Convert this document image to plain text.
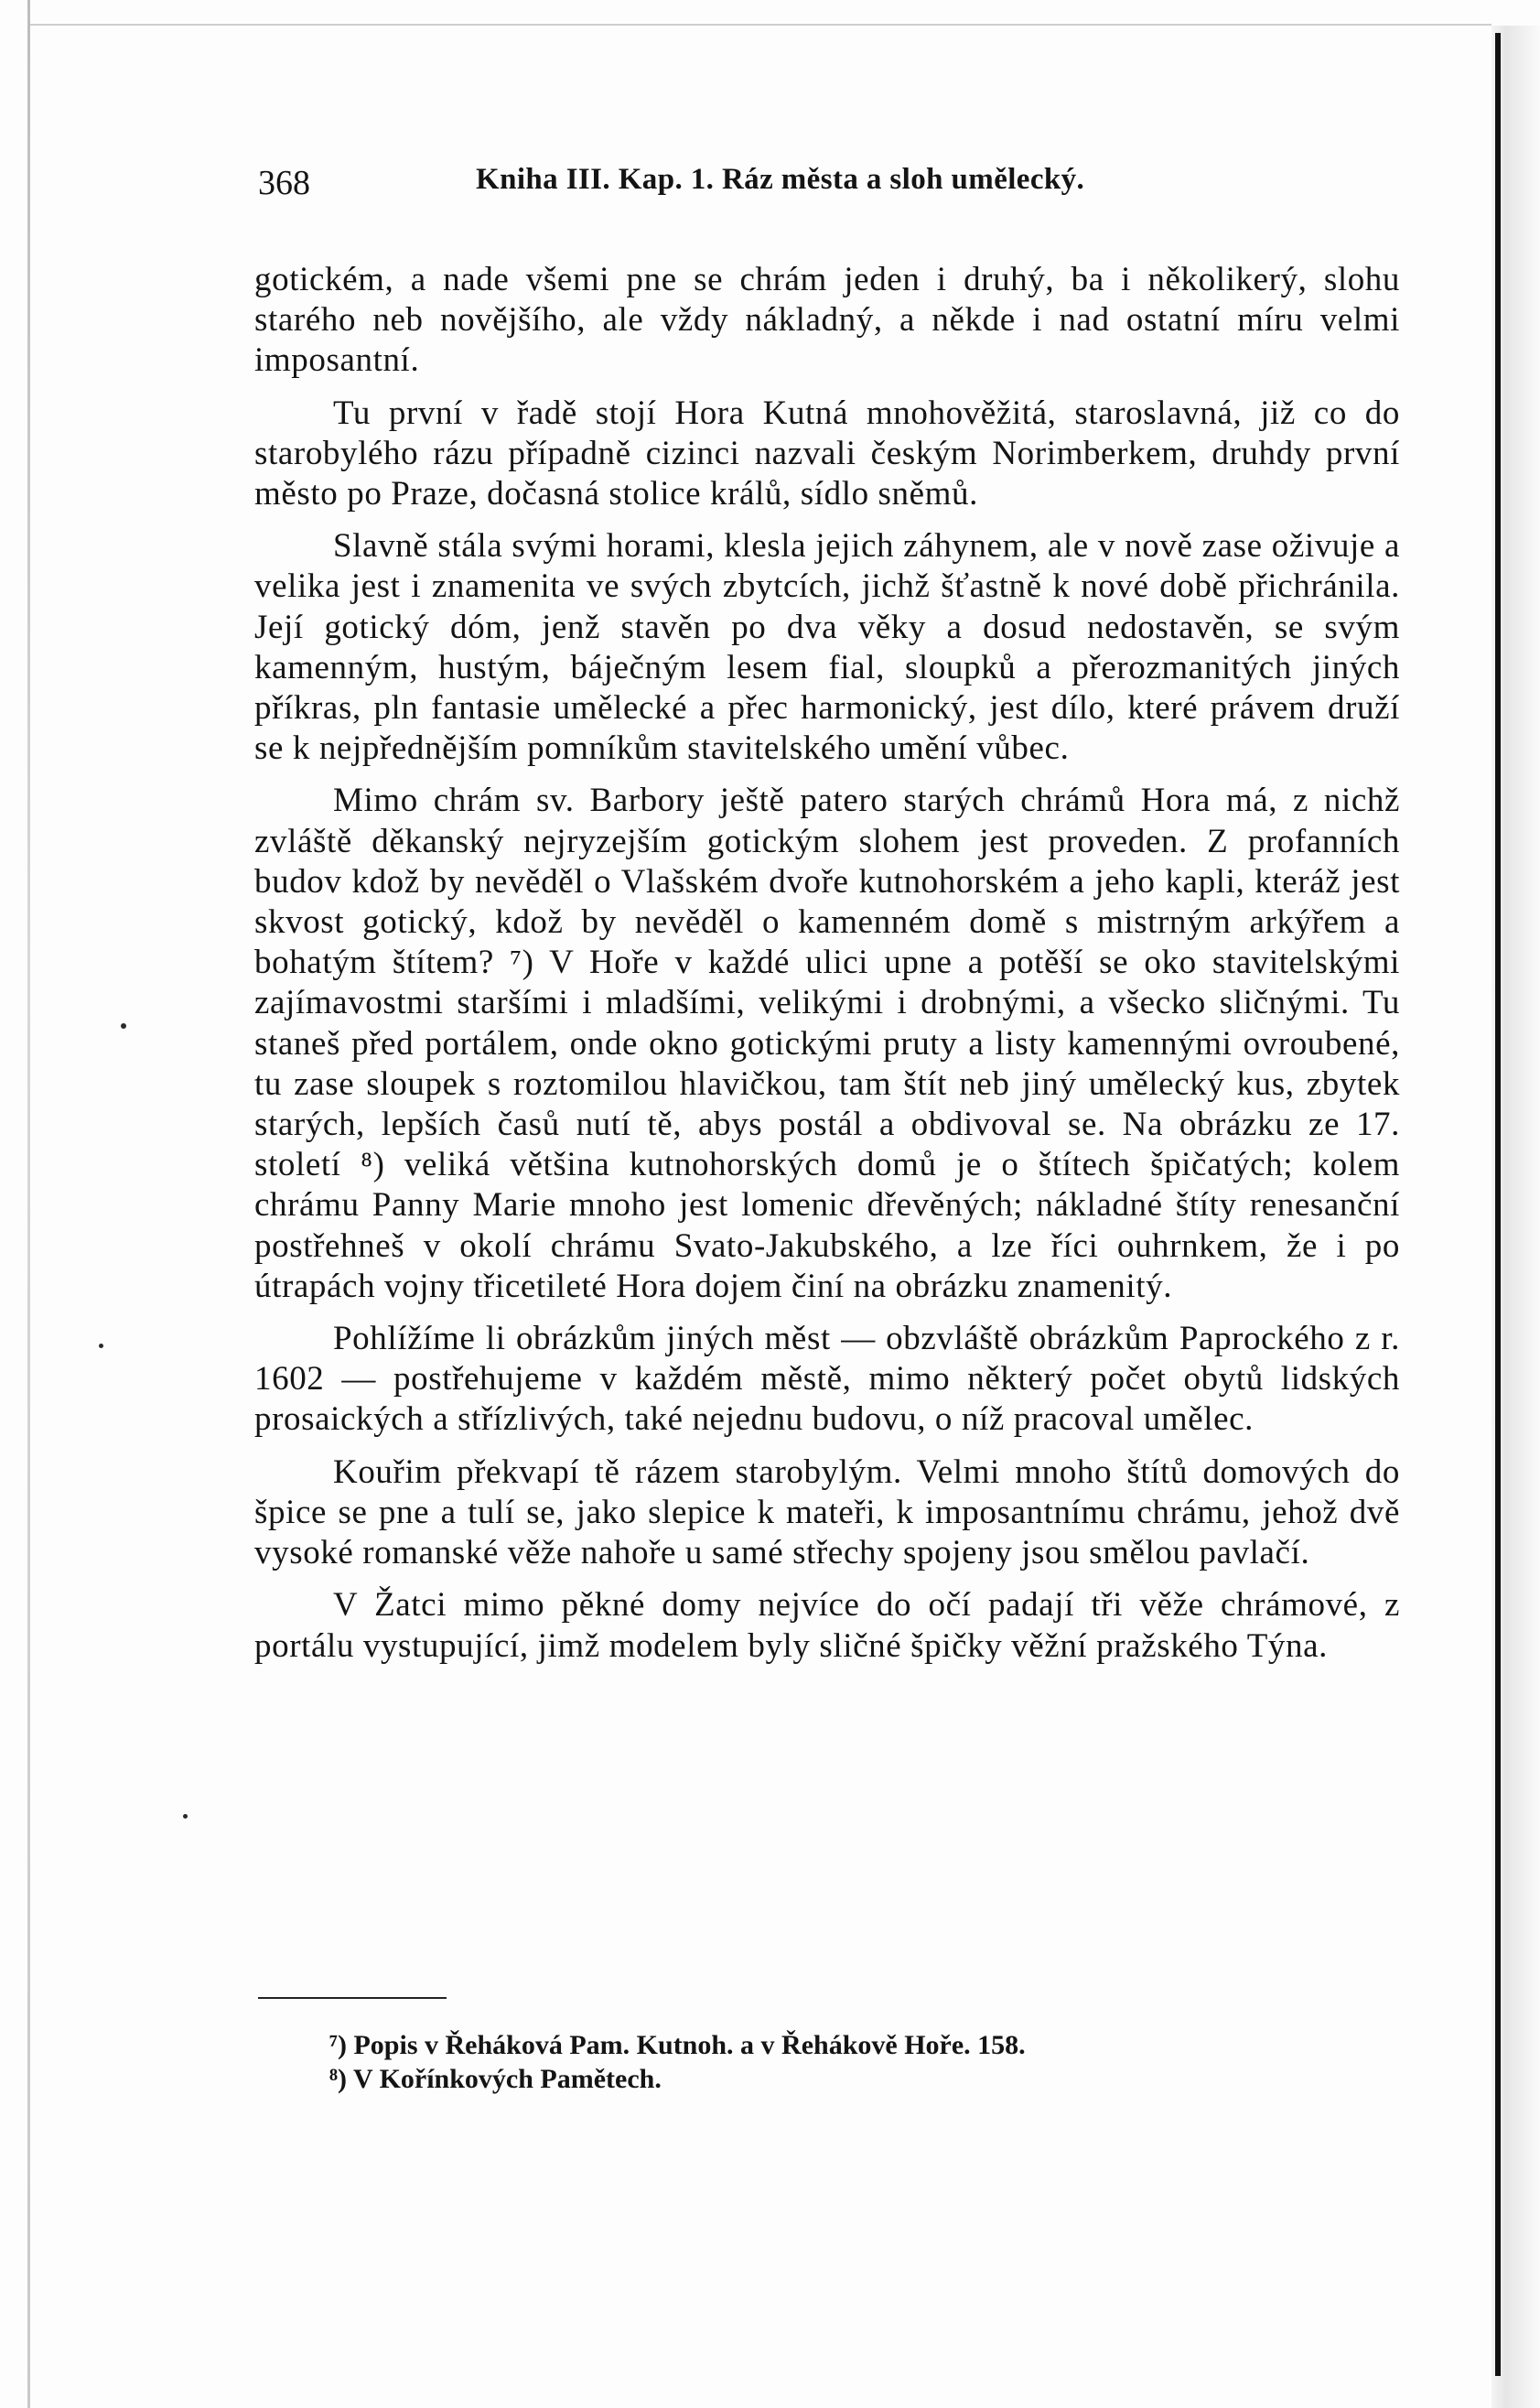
368	Kniha III. Kap. 1. Ráz města a sloh umělecký.

gotickém, a nade všemi pne se chrám jeden i druhý, ba i několikerý, slohu starého neb novějšího, ale vždy nákladný, a někde i nad ostatní míru velmi imposantní.

Tu první v řadě stojí Hora Kutná mnohověžitá, staroslavná, již co do starobylého rázu případně cizinci nazvali českým Norimberkem, druhdy první město po Praze, dočasná stolice králů, sídlo sněmů.

Slavně stála svými horami, klesla jejich záhynem, ale v nově zase oživuje a velika jest i znamenita ve svých zbytcích, jichž šťastně k nové době přichránila. Její gotický dóm, jenž stavěn po dva věky a dosud nedostavěn, se svým kamenným, hustým, báječným lesem fial, sloupků a přerozmanitých jiných příkras, pln fantasie umělecké a přec harmonický, jest dílo, které právem druží se k nejpřednějším pomníkům stavitelského umění vůbec.

Mimo chrám sv. Barbory ještě patero starých chrámů Hora má, z nichž zvláště děkanský nejryzejším gotickým slohem jest proveden. Z profanních budov kdož by nevěděl o Vlašském dvoře kutnohorském a jeho kapli, kteráž jest skvost gotický, kdož by nevěděl o kamenném domě s mistrným arkýřem a bohatým štítem? ⁷) V Hoře v každé ulici upne a potěší se oko stavitelskými zajímavostmi staršími i mladšími, velikými i drobnými, a všecko sličnými. Tu staneš před portálem, onde okno gotickými pruty a listy kamennými ovroubené, tu zase sloupek s roztomilou hlavičkou, tam štít neb jiný umělecký kus, zbytek starých, lepších časů nutí tě, abys postál a obdivoval se. Na obrázku ze 17. století ⁸) veliká většina kutnohorských domů je o štítech špičatých; kolem chrámu Panny Marie mnoho jest lomenic dřevěných; nákladné štíty renesanční postřehneš v okolí chrámu Svato-Jakubského, a lze říci ouhrnkem, že i po útrapách vojny třicetileté Hora dojem činí na obrázku znamenitý.

Pohlížíme li obrázkům jiných měst — obzvláště obrázkům Paprockého z r. 1602 — postřehujeme v každém městě, mimo některý počet obytů lidských prosaických a střízlivých, také nejednu budovu, o níž pracoval umělec.

Kouřim překvapí tě rázem starobylým. Velmi mnoho štítů domových do špice se pne a tulí se, jako slepice k mateři, k imposantnímu chrámu, jehož dvě vysoké romanské věže nahoře u samé střechy spojeny jsou smělou pavlačí.

V Žatci mimo pěkné domy nejvíce do očí padají tři věže chrámové, z portálu vystupující, jimž modelem byly sličné špičky věžní pražského Týna.

⁷) Popis v Řeháková Pam. Kutnoh. a v Řehákově Hoře. 158.

⁸) V Kořínkových Pamětech.
